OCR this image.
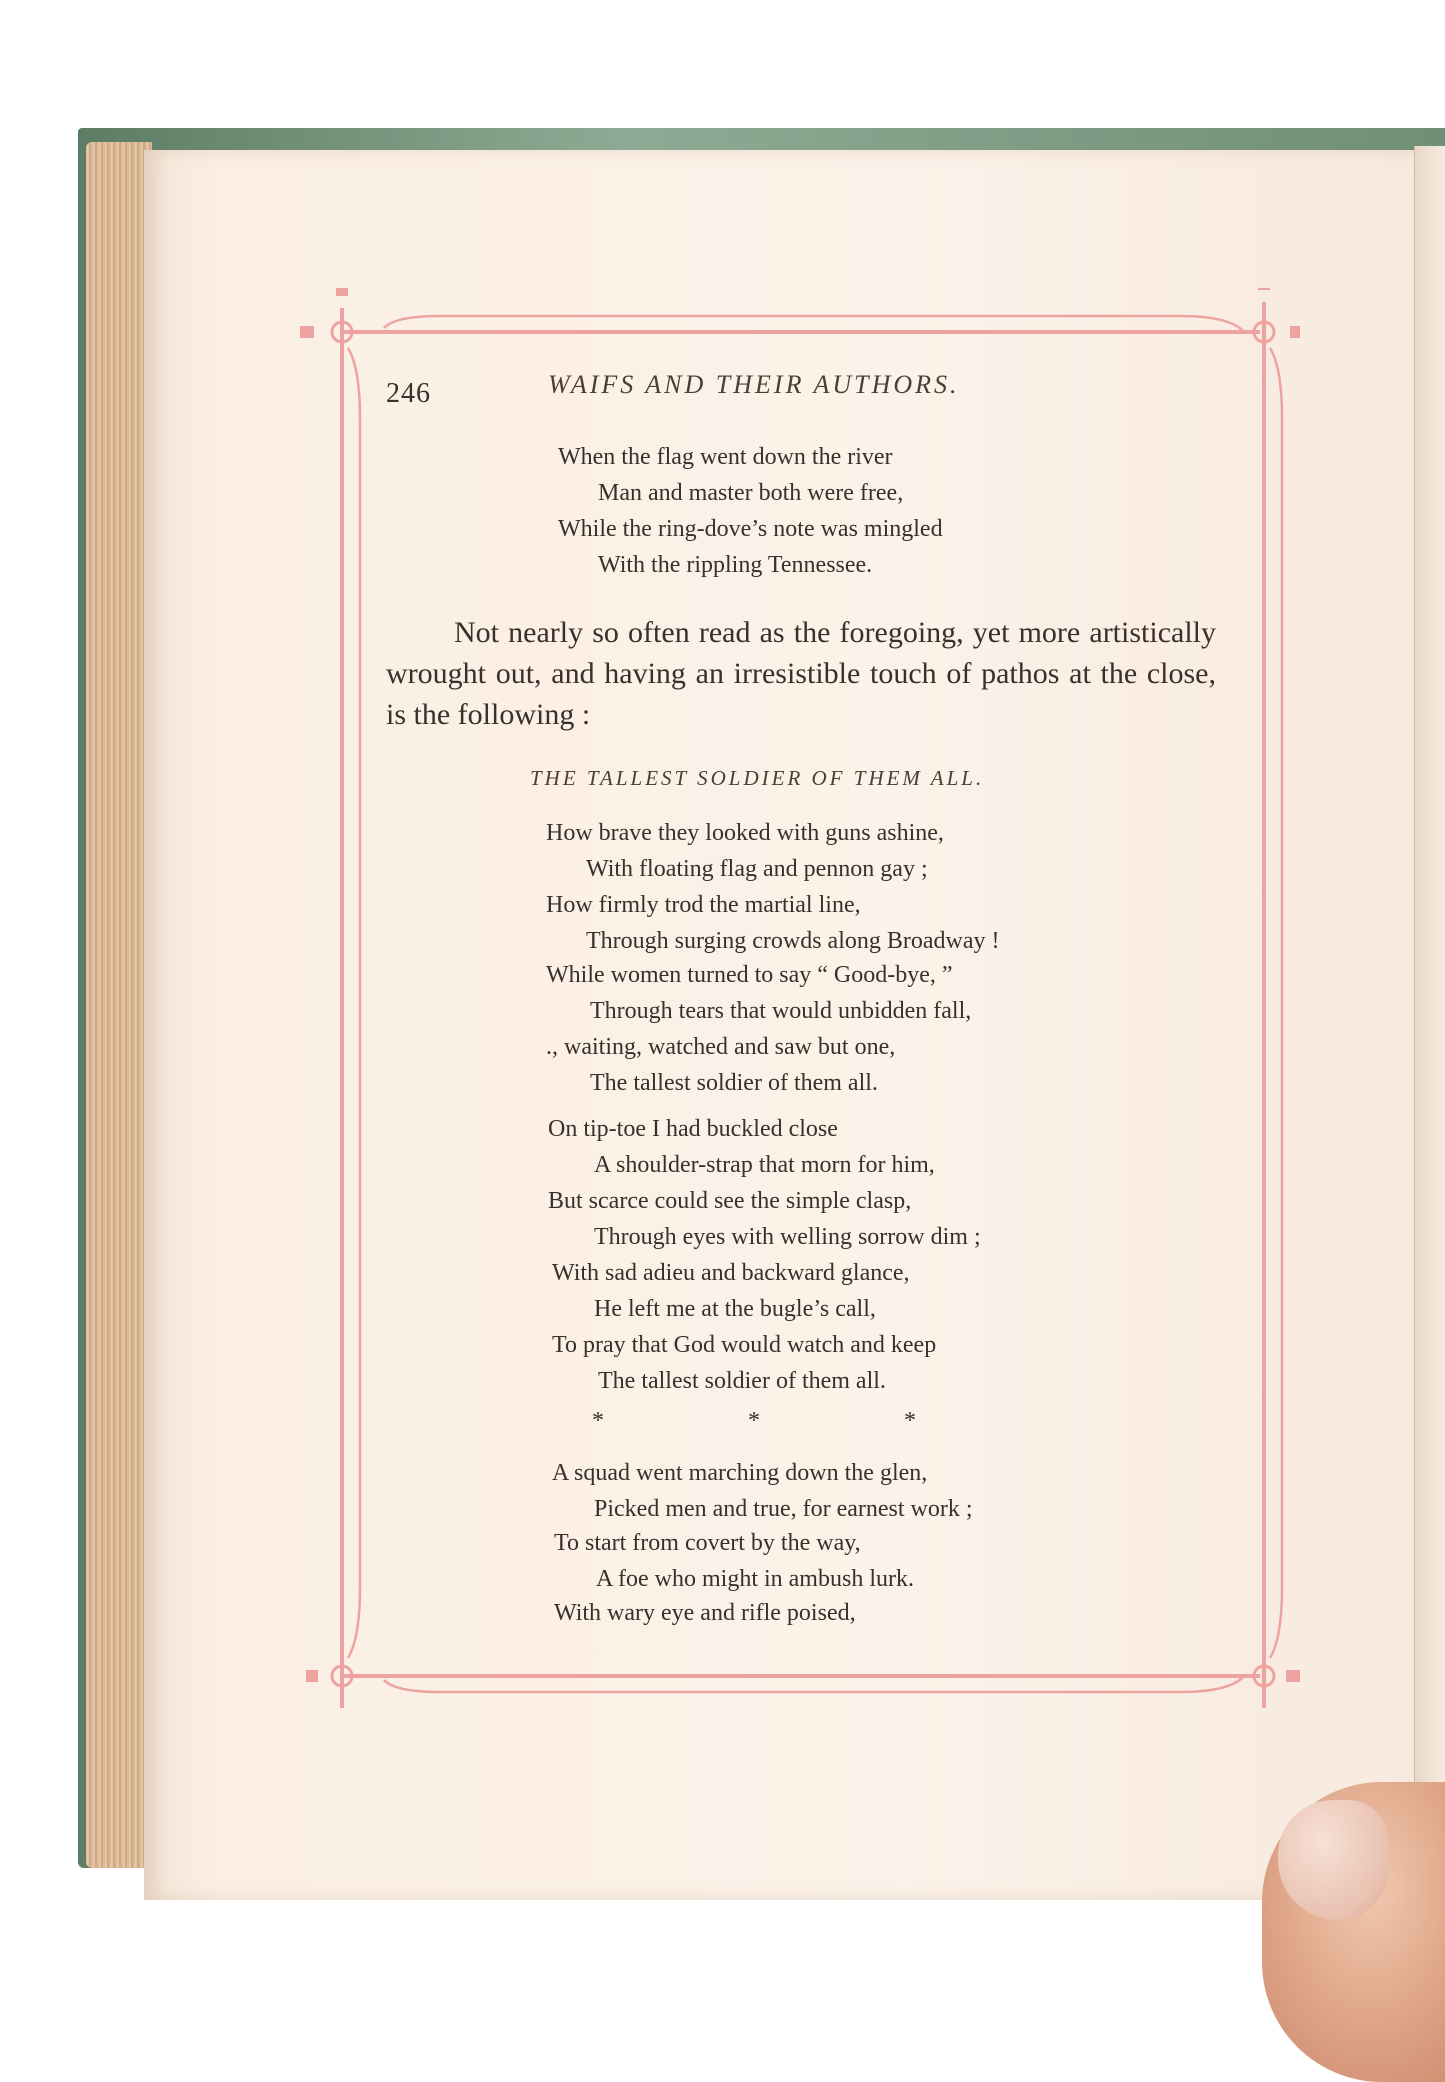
246	WAIFS AND THEIR AUTHORS.
When the flag went down the river
Man and master both were free,
While the ring-dove’s note was mingled
With the rippling Tennessee.
Not nearly so often read as the foregoing, yet more artistically wrought out, and having an irresistible touch of pathos at the close, is the following :
THE TALLEST SOLDIER OF THEM ALL.
How brave they looked with guns ashine,
With floating flag and pennon gay ;
How firmly trod the martial line,
Through surging crowds along Broadway !
While women turned to say “ Good-bye, ”
Through tears that would unbidden fall,
., waiting, watched and saw but one,
The tallest soldier of them all.
On tip-toe I had buckled close
A shoulder-strap that morn for him,
But scarce could see the simple clasp,
Through eyes with welling sorrow dim ;
With sad adieu and backward glance,
He left me at the bugle’s call,
To pray that God would watch and keep
The tallest soldier of them all.
*	*	*
A squad went marching down the glen,
Picked men and true, for earnest work ;
To start from covert by the way,
A foe who might in ambush lurk.
With wary eye and rifle poised,
